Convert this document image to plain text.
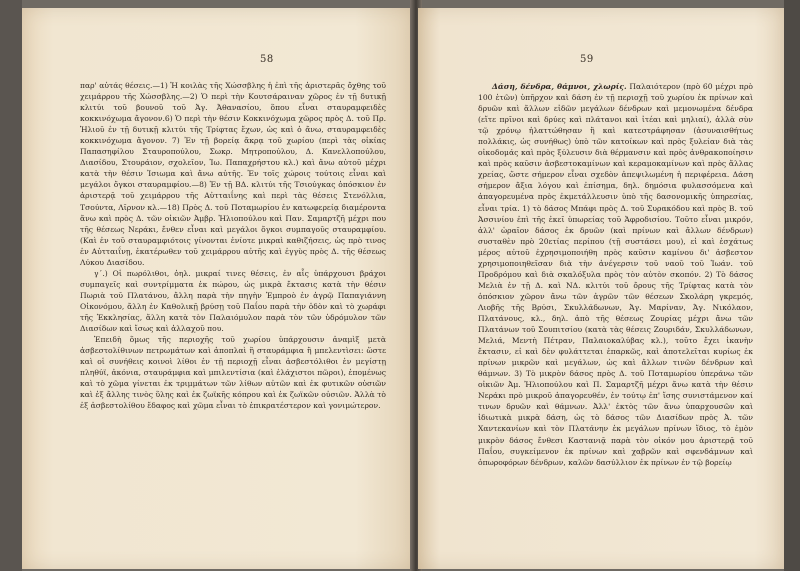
58

παρ' αὐτάς θέσεις.—1) Ἡ κοιλὰς τῆς Χώσσβλης ἡ ἐπὶ τῆς ἀριστερᾶς ὄχθης τοῦ χειμάρρου τῆς Χώσσβλης.—2) Ὁ περὶ τὴν Κουτσάραιναν χῶρος ἐν τῇ δυτικῇ κλιτύι τοῦ βουνοῦ τοῦ Ἁγ. Ἀθανασίου, ὅπου εἶναι σταυραμφειδὲς κοκκινόχωμα ἄγονον.6) Ὁ περὶ τὴν θέσιν Κοκκινόχωμα χῶρος πρὸς Δ. τοῦ Πρ. Ἡλιοῦ ἐν τῇ δυτικῇ κλιτύι τῆς Τρίφτας ἔχων, ὡς καὶ ὁ ἄνω, σταυραμφειδὲς κοκκινόχωμα ἄγονον. 7) Ἐν τῇ βορείᾳ ἄκρᾳ τοῦ χωρίου (περὶ τὰς οἰκίας Παπασηφίλου Σταυροπούλου, Σωκρ. Μητροπούλου, Δ. Κανελλοπούλου, Διασίδου, Στουράιον, σχολεῖον, Ἰω. Παπαχρήστου κλ.) καὶ ἄνω αὐτοῦ μέχρι κατὰ τὴν θέσιν Ἰσιωμα καὶ ἄνω αὐτῆς. Ἐν τοῖς χώροις τούτοις εἶναι καὶ μεγάλοι ὄγκοι σταυραμφίου.—8) Ἐν τῇ ΒΔ. κλιτύι τῆς Τσιούγκας ὁπόσκιον ἐν ἀριστερᾷ τοῦ χειμάρρου τῆς Αὐτταιΐνης καὶ περὶ τὰς θέσεις Στενόλλια, Τσούντα, Λῖρνον κλ.—18) Πρὸς Δ. τοῦ Ποταμωρίου ἐν κατωφερείᾳ διαμέροντα ἄνω καὶ πρὸς Δ. τῶν οἰκιῶν Ἀμβρ. Ἠλιοπούλου καὶ Παν. Σαμαρτζῆ μέχρι που τῆς θέσεως Νεράκι, ἔνθεν εἶναι καὶ μεγάλοι ὄγκοι συμπαγοῦς σταυραμφίου. (Καὶ ἐν τοῦ σταυραμφιότοις γίνονται ἐνίοτε μικραὶ καθιζήσεις, ὡς πρὸ τινος ἐν Αὐτταιΐνῃ, ἑκατέρωθεν τοῦ χειμάρρου αὐτῆς καὶ ἐγγὺς πρὸς Δ. τῆς θέσεως Λύκου Διασίδου.

γ΄.) Οἱ πωρόλιθοι, ὀηλ. μικραί τινες θέσεις, ἐν αἷς ὑπάρχουσι βράχοι συμπαγεῖς καὶ συντρίμματα ἐκ πώρου, ὡς μικρὰ ἔκτασις κατὰ τὴν θέσιν Πωριὰ τοῦ Πλατάνου, ἄλλη παρὰ τὴν πηγὴν Ἐμπροὸ ἐν ἀγρῷ Παπαγιάννη Οἰκονόμου, ἄλλη ἐν Καθολικῇ βρύσῃ τοῦ Παΐου παρὰ τὴν ὁδὸν καὶ τὸ χωράφι τῆς Ἐκκλησίας, ἄλλη κατὰ τὸν Παλαιόμυλον παρὰ τὸν τῶν ὑδρόμυλον τῶν Διασίδων καὶ ἴσως καὶ ἀλλαχοῦ που.

Ἐπειδὴ ὅμως τῆς περιοχῆς τοῦ χωρίου ὑπάρχουσιν ἀναμὶξ μετὰ ἀσβεστολίθινων πετρωμάτων καὶ ἀποπλαὶ ἢ σταυράμφια ἢ μπελεντὶσει: ὥστε καὶ οἱ συνήθεις κοινοὶ λίθοι ἐν τῇ περιοχῇ εἶναι ἀσβεστόλιθοι ἐν μεγίστῃ πληθύϊ, ἀκόνια, σταυράμφια καὶ μπιλεντίσια (καὶ ἐλάχιστοι πῶροι), ἐπομένως καὶ τὸ χῶμα γίνεται ἐκ τριμμάτων τῶν λίθων αὐτῶν καὶ ἐκ φυτικῶν οὐσιῶν καὶ ἐξ ἄλλης τινὸς ὕλης καὶ ἐκ ζωϊκῆς κόπρου καὶ ἐκ ζωϊκῶν οὐσιῶν. Ἀλλὰ τὸ ἐξ ἀσβεστολίθου ἔδαφος καὶ χῶμα εἶναι τὸ ἐπικρατέστερον καὶ γονιμώτερον.

59

Δάση, δένδρα, θάμνοι, χλωρίς. Παλαιότερον (πρὸ 60 μέχρι πρὸ 100 ἐτῶν) ὑπῆρχον καὶ δάση ἐν τῇ περιοχῇ τοῦ χωρίου ἐκ πρίνων καὶ δρυῶν καὶ ἄλλων εἰδῶν μεγάλων δένδρων καὶ μεμονωμένα δένδρα (εἴτε πρῖνοι καὶ δρύες καὶ πλάτανοι καὶ ἰτέαι καὶ μηλιαί), ἀλλὰ σὺν τῷ χρόνῳ ἠλαττώθησαν ἢ καὶ κατεστράφησαν (ἀσυναισθήτως πολλάκις, ὡς συνήθως) ὑπὸ τῶν κατοίκων καὶ πρὸς ξυλείαν διὰ τὰς οἰκοδομάς καὶ πρὸς ξύλευσιν διὰ θέρμανσιν καὶ πρὸς ἀνθρακοποίησιν καὶ πρὸς καῦσιν ἀσβεστοκαμίνων καὶ κεραμοκαμίνων καὶ πρὸς ἄλλας χρείας, ὥστε σήμερον εἶναι σχεδὸν ἀπεψιλωμένη ἡ περιφέρεια. Δάση σήμερον ἄξια λόγου καὶ ἐπίσημα, δηλ. δημόσια φυλασσόμενα καὶ ἀπαγορευμένα πρὸς ἐκμετάλλευσιν ὑπὸ τῆς δασονομικῆς ὑπηρεσίας, εἶναι τρία. 1) τὸ δάσος Μπάφι πρὸς Δ. τοῦ Συρακόδου καὶ πρὸς Β. τοῦ Ἀσσινίου ἐπὶ τῆς ἐκεῖ ὑπωρείας τοῦ Ἀφροδισίου. Τοῦτο εἶναι μικρόν, ἀλλ' ὡραῖον δάσος ἐκ δρυῶν (καὶ πρίνων καὶ ἄλλων δένδρων) συσταθὲν πρὸ 20ετίας περίπου (τῇ συστάσει μου), εἰ καὶ ἐσχάτως μέρος αὐτοῦ ἐχρησιμοποιήθη πρὸς καῦσιν καμίνου δι' ἀσβεστον χρησιμοποιηθεῖσαν διὰ τὴν ἀνέγερσιν τοῦ ναοῦ τοῦ Ἰωάν. τοῦ Προδρόμου καὶ διὰ σκαλόξυλα πρὸς τὸν αὐτὸν σκοπόν. 2) Τὸ δάσος Μελιὰ ἐν τῇ Δ. καὶ ΝΔ. κλιτύι τοῦ ὄρους τῆς Τρίφτας κατὰ τὸν ὁπόσκιον χῶρον ἄνω τῶν ἀγρῶν τῶν θέσεων Σκολάρη γκρεμός, Λιοβῆς τῆς Βρύσι, Σκυλλάδωνων, Ἁγ. Μαρίναν, Ἁγ. Νικόλαον, Πλατάνους, κλ., δηλ. ἀπὸ τῆς θέσεως Ζουρίας μέχρι ἄνω τῶν Πλατάνων τοῦ Σουπιτσίου (κατὰ τὰς θέσεις Ζουριδάν, Σκυλλάδωνων, Μελιά, Μεντὴ Πέτραν, Παλαιοκαλύβας κλ.), τοῦτο ἔχει ἱκανὴν ἔκτασιν, εἰ καὶ δὲν φυλάττεται ἐπαρκῶς, καὶ ἀποτελεῖται κυρίως ἐκ πρίνων μικρῶν καὶ μεγάλων, ὡς καὶ ἄλλων τινῶν δένδρων καὶ θάμνων. 3) Τὸ μικρὸν δάσος πρὸς Δ. τοῦ Ποταμωρίου ὑπεράνω τῶν οἰκιῶν Ἀμ. Ἠλιοπούλου καὶ Π. Σαμαρτζῆ μέχρι ἄνω κατὰ τὴν θέσιν Νεράκι πρὸ μικροῦ ἀπαγορευθέν, ἐν τούτῳ ἐπ' ἴσης συνιστάμενον καί τινων δρυῶν καὶ θάμνων. Ἀλλ' ἐκτὸς τῶν ἄνω ὑπαρχουσῶν καὶ ἰδιωτικὰ μικρὰ δάση, ὡς τὸ δάσος τῶν Διασίδων πρὸς Ἀ. τῶν Χαντεκανίων καὶ τὸν Πλατάνην ἐκ μεγάλων πρίνων ἴδιος, τὸ ἐμὸν μικρὸν δάσος ἔνθεσι Καστανιᾷ παρὰ τὸν οἰκόν μου ἀριστερᾷ τοῦ Παΐου, συγκείμενον ἐκ πρίνων καὶ χαβρῶν καὶ σφενδάμνων καὶ ὀπωροφόρων δένδρων, καλῶν δασύλλιον ἐκ πρίνων ἐν τῷ βορείῳ
